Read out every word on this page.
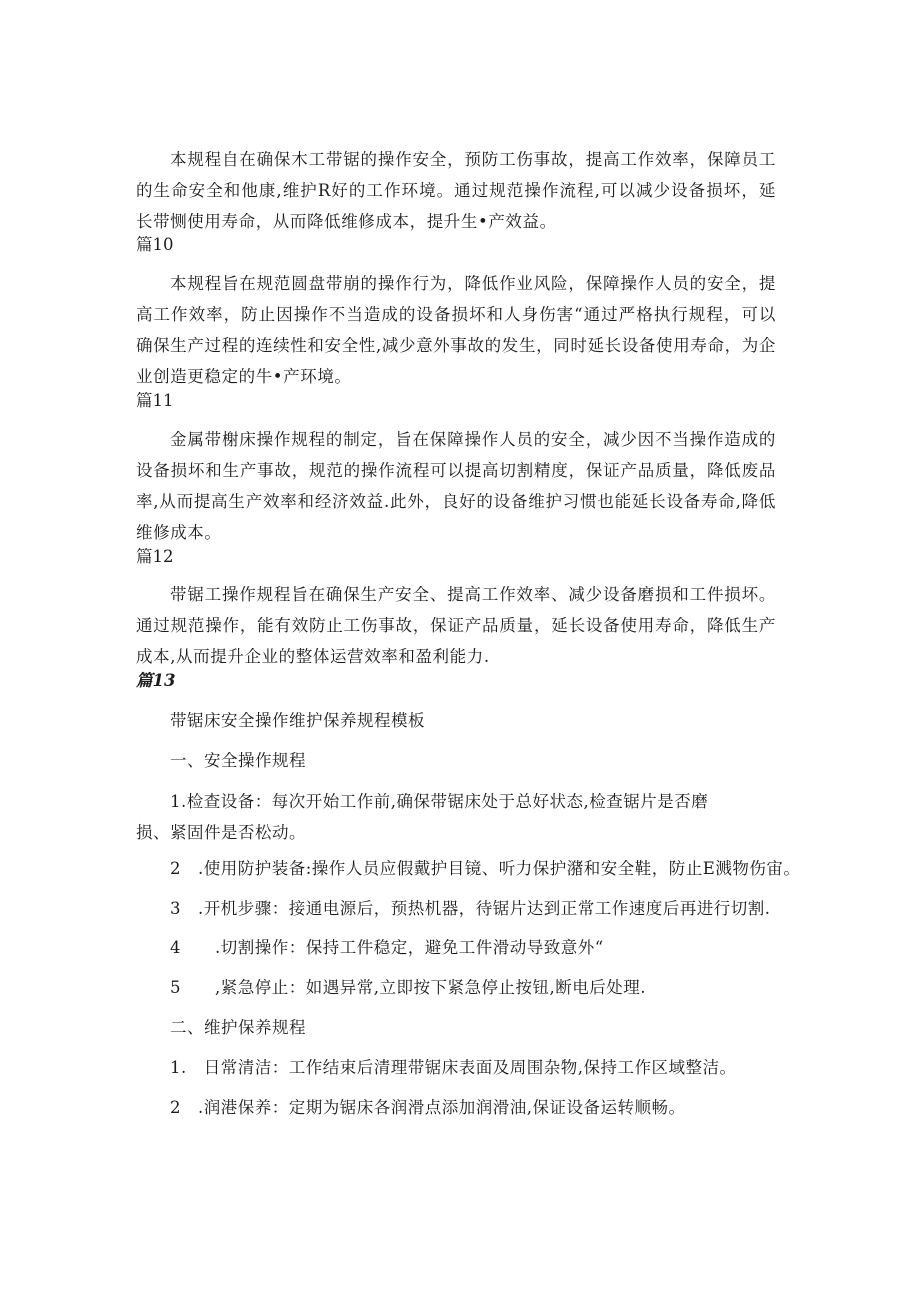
本规程自在确保木工带锯的操作安全，预防工伤事故，提高工作效率，保障员工的生命安全和他康,维护R好的工作环境。通过规范操作流程,可以减少设备损坏，延长带恻使用寿命，从而降低维修成本，提升生•产效益。

篇10

本规程旨在规范圆盘带崩的操作行为，降低作业风险，保障操作人员的安全，提高工作效率，防止因操作不当造成的设备损坏和人身伤害“通过严格执行规程，可以确保生产过程的连续性和安全性,减少意外事故的发生，同时延长设备使用寿命，为企业创造更稳定的牛•产环境。

篇11

金属带榭床操作规程的制定，旨在保障操作人员的安全，减少因不当操作造成的设备损坏和生产事故，规范的操作流程可以提高切割精度，保证产品质量，降低废品率,从而提高生产效率和经济效益.此外，良好的设备维护习惯也能延长设备寿命,降低维修成本。

篇12

带锯工操作规程旨在确保生产安全、提高工作效率、减少设备磨损和工件损坏。通过规范操作，能有效防止工伤事故，保证产品质量，延长设备使用寿命，降低生产成本,从而提升企业的整体运营效率和盈利能力.

篇13

带锯床安全操作维护保养规程模板

一、安全操作规程

1.检查设备：每次开始工作前,确保带锯床处于总好状态,检查锯片是否磨损、紧固件是否松动。

2　.使用防护装备:操作人员应假戴护目镜、听力保护潴和安全鞋，防止E溅物伤宙。

3　.开机步骤：接通电源后，预热机器，待锯片达到正常工作速度后再进行切割.

4　　.切割操作：保持工件稳定，避免工件滑动导致意外“

5　　,紧急停止：如遇异常,立即按下紧急停止按钮,断电后处理.

二、维护保养规程

1.　日常清洁：工作结束后清理带锯床表面及周围杂物,保持工作区域整洁。

2　.润港保养：定期为锯床各润滑点添加润滑油,保证设备运转顺畅。
